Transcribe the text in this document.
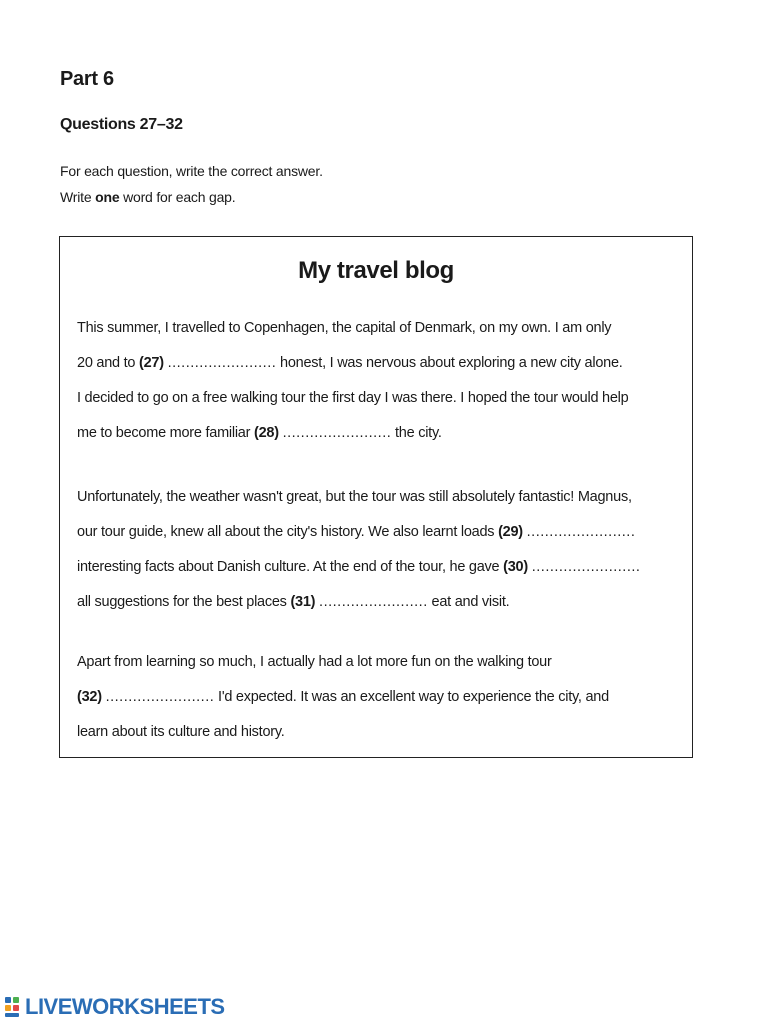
Part 6
Questions 27–32
For each question, write the correct answer.
Write one word for each gap.
My travel blog
This summer, I travelled to Copenhagen, the capital of Denmark, on my own. I am only
20 and to (27) ........................ honest, I was nervous about exploring a new city alone.
I decided to go on a free walking tour the first day I was there. I hoped the tour would help
me to become more familiar (28) ........................ the city.
Unfortunately, the weather wasn't great, but the tour was still absolutely fantastic! Magnus,
our tour guide, knew all about the city's history. We also learnt loads (29) ........................
interesting facts about Danish culture. At the end of the tour, he gave (30) ........................
all suggestions for the best places (31) ........................ eat and visit.
Apart from learning so much, I actually had a lot more fun on the walking tour
(32) ........................ I'd expected. It was an excellent way to experience the city, and
learn about its culture and history.
LIVEWORKSHEETS
